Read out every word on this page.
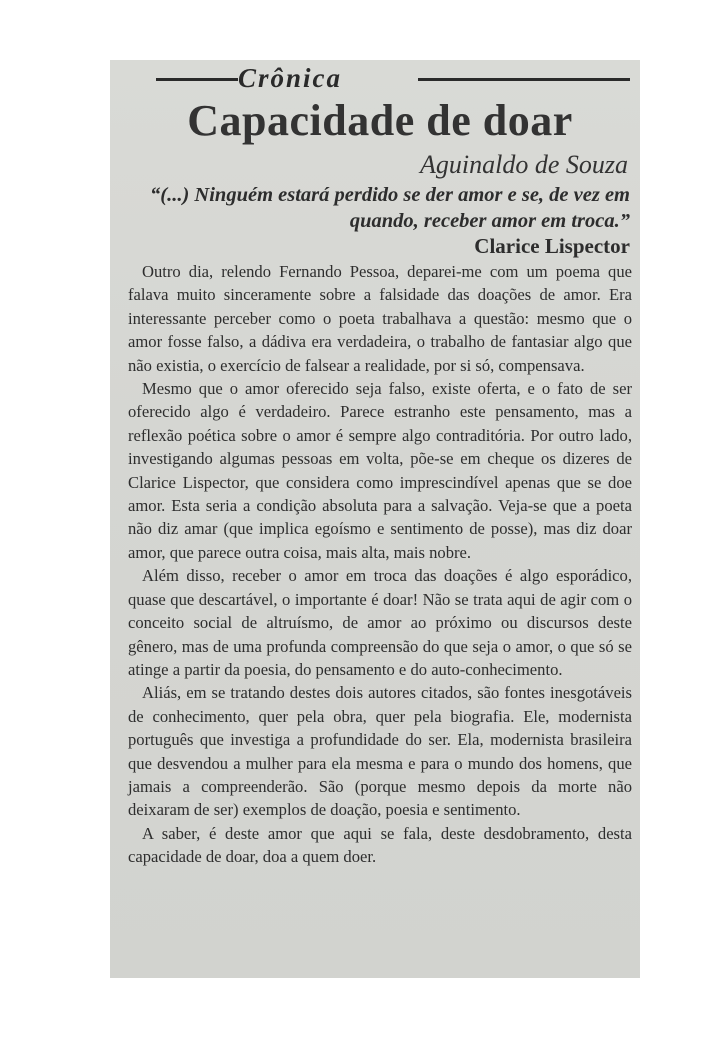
Crônica
Capacidade de doar
Aguinaldo de Souza
“(...) Ninguém estará perdido se der amor e se, de vez em quando, receber amor em troca.”
Clarice Lispector

Outro dia, relendo Fernando Pessoa, deparei-me com um poema que falava muito sinceramente sobre a falsidade das doações de amor. Era interessante perceber como o poeta trabalhava a questão: mesmo que o amor fosse falso, a dádiva era verdadeira, o trabalho de fantasiar algo que não existia, o exercício de falsear a realidade, por si só, compensava.

Mesmo que o amor oferecido seja falso, existe oferta, e o fato de ser oferecido algo é verdadeiro. Parece estranho este pensamento, mas a reflexão poética sobre o amor é sempre algo contraditória. Por outro lado, investigando algumas pessoas em volta, põe-se em cheque os dizeres de Clarice Lispector, que considera como imprescindível apenas que se doe amor. Esta seria a condição absoluta para a salvação. Veja-se que a poeta não diz amar (que implica egoísmo e sentimento de posse), mas diz doar amor, que parece outra coisa, mais alta, mais nobre.

Além disso, receber o amor em troca das doações é algo esporádico, quase que descartável, o importante é doar! Não se trata aqui de agir com o conceito social de altruísmo, de amor ao próximo ou discursos deste gênero, mas de uma profunda compreensão do que seja o amor, o que só se atinge a partir da poesia, do pensamento e do auto-conhecimento.

Aliás, em se tratando destes dois autores citados, são fontes inesgotáveis de conhecimento, quer pela obra, quer pela biografia. Ele, modernista português que investiga a profundidade do ser. Ela, modernista brasileira que desvendou a mulher para ela mesma e para o mundo dos homens, que jamais a compreenderão. São (porque mesmo depois da morte não deixaram de ser) exemplos de doação, poesia e sentimento.

A saber, é deste amor que aqui se fala, deste desdobramento, desta capacidade de doar, doa a quem doer.
